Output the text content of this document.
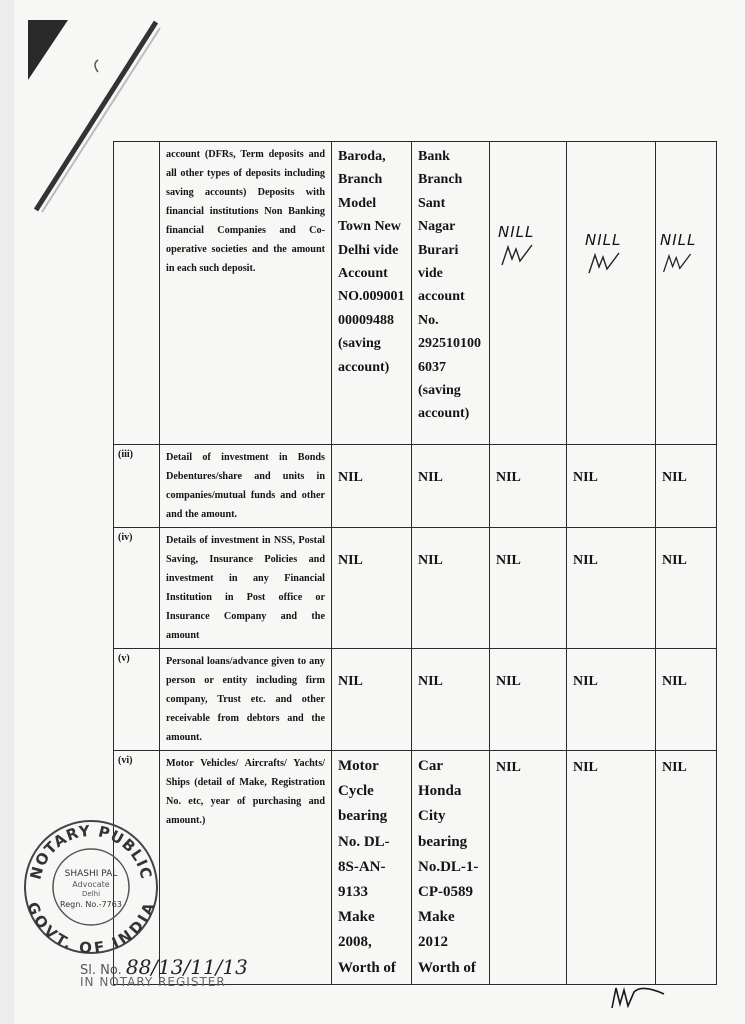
	account (DFRs, Term deposits and all other types of deposits including saving accounts) Deposits with financial institutions Non Banking financial Companies and Co-operative societies and the amount in each such deposit.	Baroda, Branch Model Town New Delhi vide Account NO.009001 00009488 (saving account)	Bank Branch Sant Nagar Burari vide account No. 292510100 6037 (saving account)	NILL	NILL	NILL

(iii)	Detail of investment in Bonds Debentures/share and units in companies/mutual funds and other and the amount.	NIL	NIL	NIL	NIL	NIL

(iv)	Details of investment in NSS, Postal Saving, Insurance Policies and investment in any Financial Institution in Post office or Insurance Company and the amount	NIL	NIL	NIL	NIL	NIL

(v)	Personal loans/advance given to any person or entity including firm company, Trust etc. and other receivable from debtors and the amount.	NIL	NIL	NIL	NIL	NIL

(vi)	Motor Vehicles/ Aircrafts/ Yachts/ Ships (detail of Make, Registration No. etc, year of purchasing and amount.)	Motor Cycle bearing No. DL-8S-AN-9133 Make 2008, Worth of	Car Honda City bearing No.DL-1-CP-0589 Make 2012 Worth of	NIL	NIL	NIL
NOTARY PUBLIC
GOVT. OF INDIA
SHASHI PAL
Advocate
Delhi
Regn. No.-7763
Sl. No. 88/13/11/13
IN NOTARY REGISTER
